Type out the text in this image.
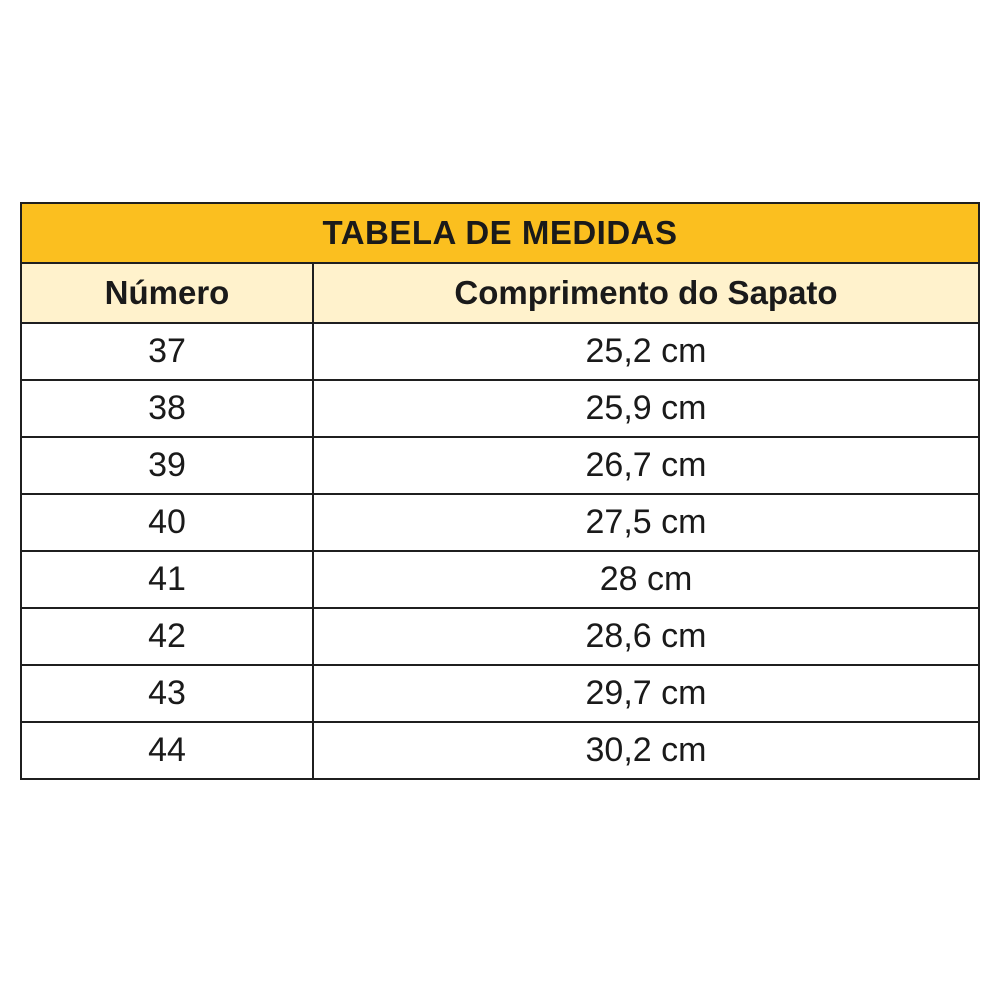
TABELA DE MEDIDAS	
Número	Comprimento do Sapato
37	25,2 cm
38	25,9 cm
39	26,7 cm
40	27,5 cm
41	28 cm
42	28,6 cm
43	29,7 cm
44	30,2 cm
